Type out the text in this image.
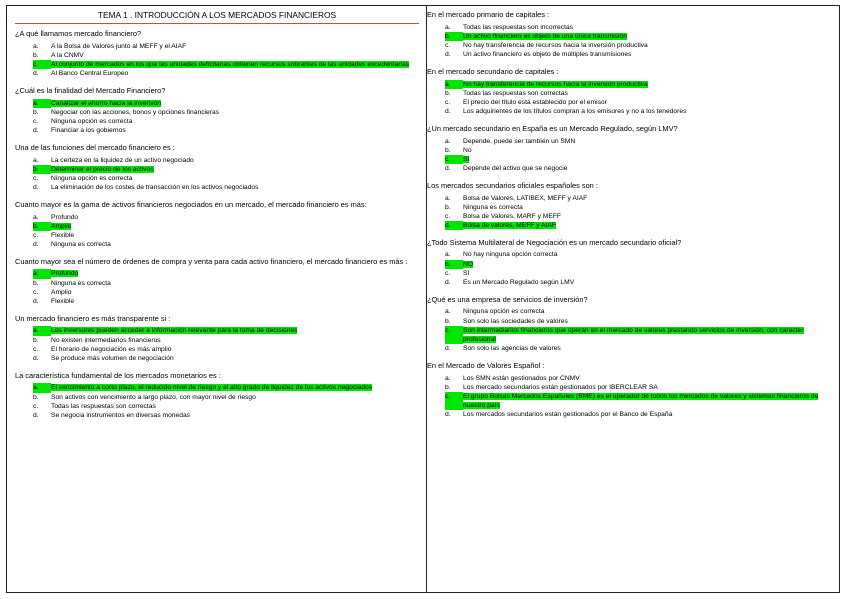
TEMA 1 . INTRODUCCIÓN A LOS MERCADOS FINANCIEROS

¿A qué llamamos mercado financiero?

a.	A la Bolsa de Valores junto al MEFF y el AIAF
b.	A la CNMV
c.	Al conjunto de mercados en los que las unidades deficitarias obtienen recursos sobrantes de las unidades excedentarias
d.	Al Banco Central Europeo

¿Cuál es la finalidad del Mercado Financiero?

a.	Canalizar el ahorro hacia la inversión
b.	Negociar con las acciones, bonos y opciones financieras
c.	Ninguna opción es correcta
d.	Financiar a los gobiernos

Una de las funciones del mercado financiero es :

a.	La certeza en la liquidez de un activo negociado
b.	Determinar el precio de los activos
c.	Ninguna opción es correcta
d.	La eliminación de los costes de transacción en los activos negociados

Cuanto mayor es la gama de activos financieros negociados en un mercado, el mercado financiero es más:

a.	Profundo
b.	Amplio
c.	Flexible
d.	Ninguna es correcta

Cuanto mayor sea el número de órdenes de compra y venta para cada activo financiero, el mercado financiero es más :

a.	Profundo
b.	Ninguna es correcta
c.	Amplio
d.	Flexible

Un mercado financiero es más transparente si :

a.	Los inversores pueden acceder a información relevante para la toma de decisiones
b.	No existen intermediarios financieros
c.	El horario de negociación es más amplio
d.	Se produce más volumen de negociación

La característica fundamental de los mercados monetarios es :

a.	El vencimiento a corto plazo, el reducido nivel de riesgo y el alto grado de liquidez de los activos negociados
b.	Son activos con vencimiento a largo plazo, con mayor nivel de riesgo
c.	Todas las respuestas son correctas
d.	Se negocia instrumentos en diversas monedas

En el mercado primario de capitales :

a.	Todas las respuestas son incorrectas
b.	Un activo financiero es objeto de una única transmisión
c.	No hay transferencia de recursos hacia la inversión productiva
d.	Un activo financiero es objeto de múltiples transmisiones

En el mercado secundario de capitales :

a.	No hay transferencia de recursos hacia la inversión productiva
b.	Todas las respuestas son correctas
c.	El precio del título está establecido por el emisor
d.	Los adquirientes de los títulos compran a los emisores y no a los tenedores

¿Un mercado secundario en España es un Mercado Regulado, según LMV?

a.	Depende, puede ser también un SMN
b.	No
c.	Sí
d.	Depende del activo que se negocie

Los mercados secundarios oficiales españoles son :

a.	Bolsa de Valores, LATIBEX, MEFF y AIAF
b.	Ninguna es correcta
c.	Bolsa de Valores, MARF y MEFF
d.	Bolsa de valores, MEFF y AIAF

¿Todo Sistema Multilateral de Negociación es un mercado secundario oficial?

a.	No hay ninguna opción correcta
b.	NO
c.	SI
d.	Es un Mercado Regulado según LMV

¿Qué es una empresa de servicios de inversión?

a.	Ninguna opción es correcta
b.	Son solo las sociedades de valores
c.	Son intermediarios financieros que operan en el mercado de valores prestando servicios de inversión, con carácter profesional
d.	Son solo las agencias de valores

En el Mercado de Valores Español :

a.	Los SMN están gestionados por CNMV
b.	Los mercado secundarios están gestionados por IBERCLEAR SA
c.	El grupo Bolsas Mercados Españoles (BME) es el operador de todos los mercados de valores y sistemas financieros de nuestro país
d.	Los mercados secundarios están gestionados por el Banco de España
